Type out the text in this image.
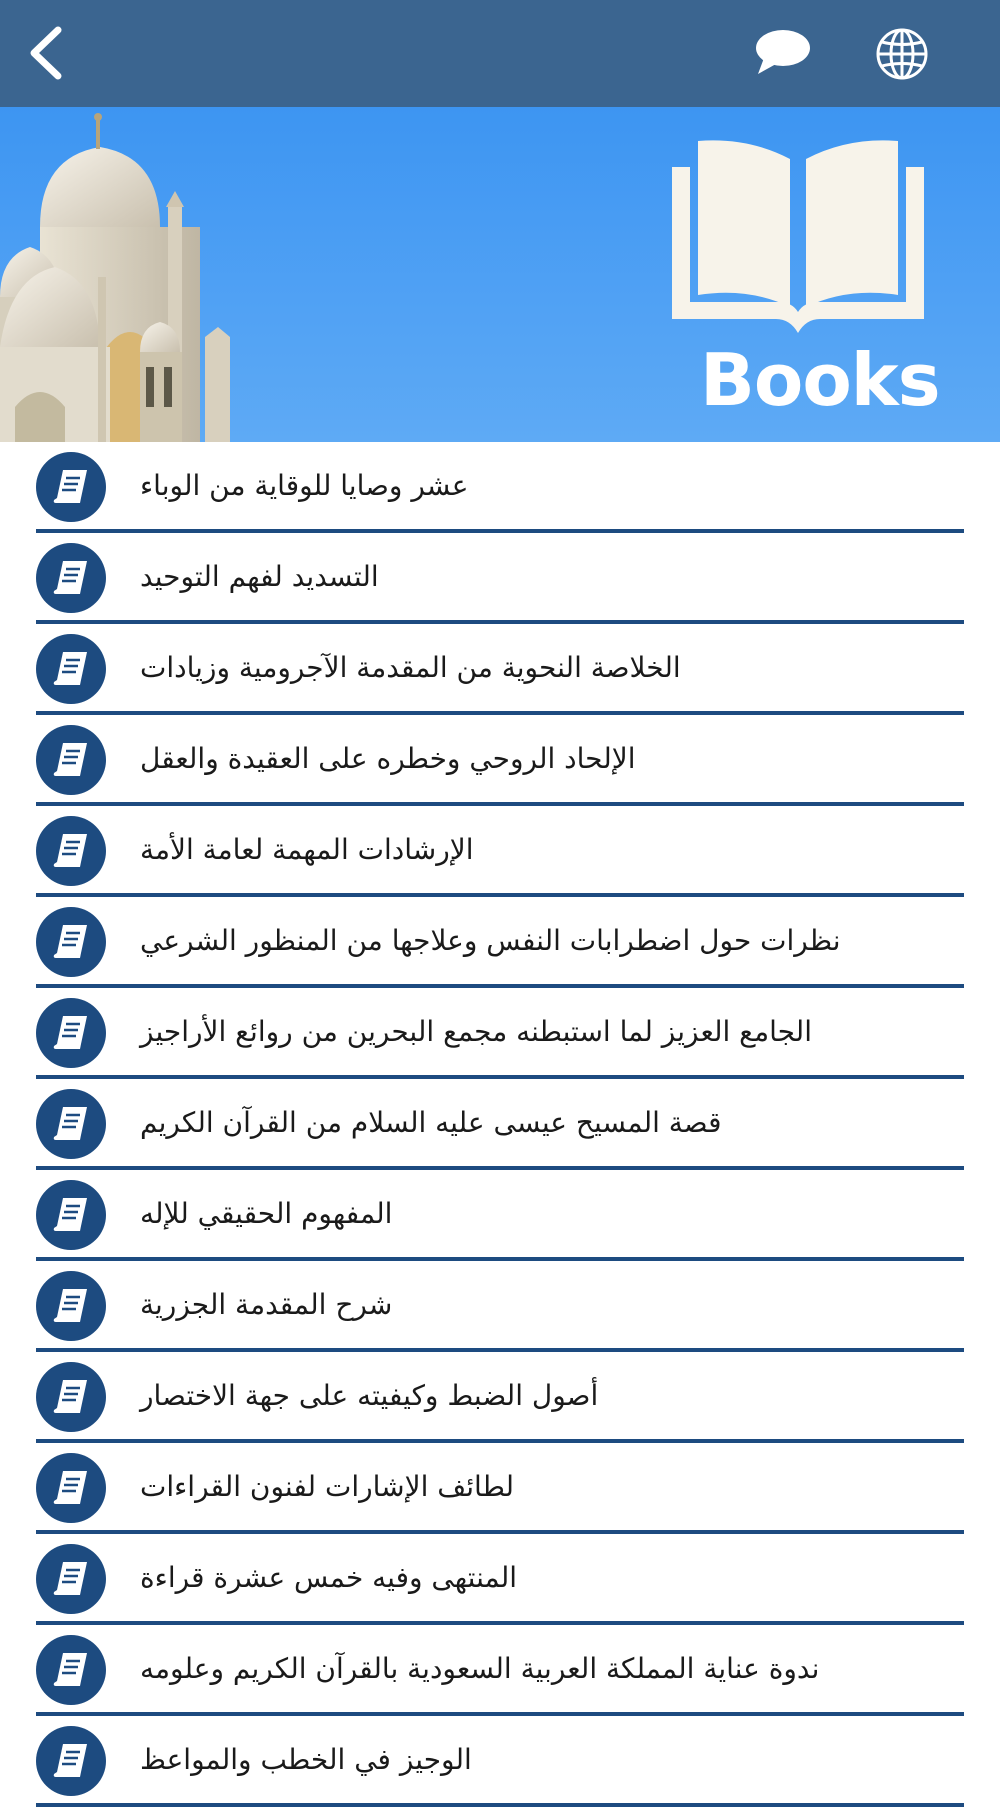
Books
عشر وصايا للوقاية من الوباء
التسديد لفهم التوحيد
الخلاصة النحوية من المقدمة الآجرومية وزيادات
الإلحاد الروحي وخطره على العقيدة والعقل
الإرشادات المهمة لعامة الأمة
نظرات حول اضطرابات النفس وعلاجها من المنظور الشرعي
الجامع العزيز لما استبطنه مجمع البحرين من روائع الأراجيز
قصة المسيح عيسى عليه السلام من القرآن الكريم
المفهوم الحقيقي للإله
شرح المقدمة الجزرية
أصول الضبط وكيفيته على جهة الاختصار
لطائف الإشارات لفنون القراءات
المنتهى وفيه خمس عشرة قراءة
ندوة عناية المملكة العربية السعودية بالقرآن الكريم وعلومه
الوجيز في الخطب والمواعظ
